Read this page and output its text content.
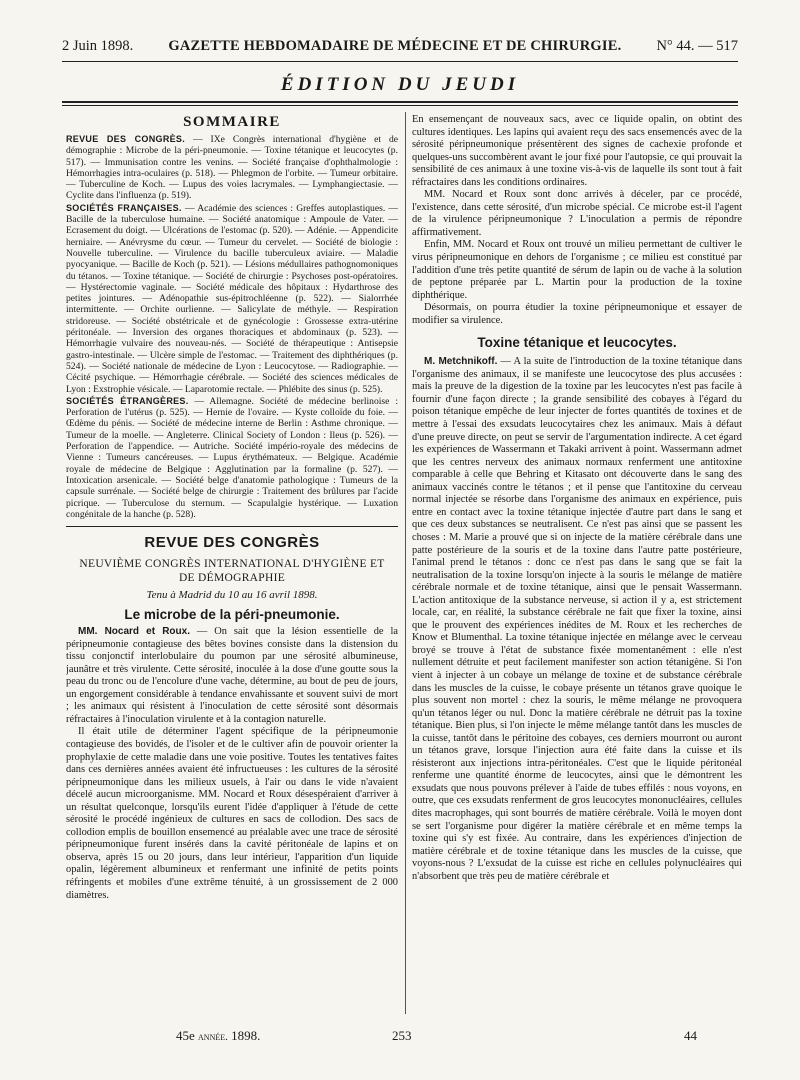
2 Juin 1898. GAZETTE HEBDOMADAIRE DE MÉDECINE ET DE CHIRURGIE. N° 44. — 517
ÉDITION DU JEUDI
SOMMAIRE
REVUE DES CONGRÈS. — IXe Congrès international d'hygiène et de démographie : Microbe de la péri-pneumonie. — Toxine tétanique et leucocytes (p. 517). — Immunisation contre les venins. — Société française d'ophthalmologie : Hémorrhagies intra-oculaires (p. 518). — Phlegmon de l'orbite. — Tumeur orbitaire. — Tuberculine de Koch. — Lupus des voies lacrymales. — Lymphangiectasie. — Cyclite dans l'influenza (p. 519).
SOCIÉTÉS FRANÇAISES. — Académie des sciences : Greffes autoplastiques. — Bacille de la tuberculose humaine. — Société anatomique : Ampoule de Vater. — Ecrasement du doigt. — Ulcérations de l'estomac (p. 520). — Adénie. — Appendicite herniaire. — Anévrysme du cœur. — Tumeur du cervelet. — Société de biologie : Nouvelle tuberculine. — Virulence du bacille tuberculeux aviaire. — Maladie pyocyanique. — Bacille de Koch (p. 521). — Lésions médullaires pathognomoniques du tétanos. — Toxine tétanique. — Société de chirurgie : Psychoses post-opératoires. — Hystérectomie vaginale. — Société médicale des hôpitaux : Hydarthrose des petites jointures. — Adénopathie sus-épitrochléenne (p. 522). — Sialorrhée intermittente. — Orchite ourlienne. — Salicylate de méthyle. — Respiration stridoreuse. — Société obstétricale et de gynécologie : Grossesse extra-utérine péritonéale. — Inversion des organes thoraciques et abdominaux (p. 523). — Hémorrhagie vulvaire des nouveau-nés. — Société de thérapeutique : Antisepsie gastro-intestinale. — Ulcère simple de l'estomac. — Traitement des diphthériques (p. 524). — Société nationale de médecine de Lyon : Leucocytose. — Radiographie. — Cécité psychique. — Hémorrhagie cérébrale. — Société des sciences médicales de Lyon : Exstrophie vésicale. — Laparotomie rectale. — Phlébite des sinus (p. 525).
SOCIÉTÉS ÉTRANGÈRES. — Allemagne. Société de médecine berlinoise : Perforation de l'utérus (p. 525). — Hernie de l'ovaire. — Kyste colloïde du foie. — Œdème du pénis. — Société de médecine interne de Berlin : Asthme chronique. — Tumeur de la moelle. — Angleterre. Clinical Society of London : Ileus (p. 526). — Perforation de l'appendice. — Autriche. Société império-royale des médecins de Vienne : Tumeurs cancéreuses. — Lupus érythémateux. — Belgique. Académie royale de médecine de Belgique : Agglutination par la formaline (p. 527). — Intoxication arsenicale. — Société belge d'anatomie pathologique : Tumeurs de la capsule surrénale. — Société belge de chirurgie : Traitement des brûlures par l'acide picrique. — Tuberculose du sternum. — Scapulalgie hystérique. — Luxation congénitale de la hanche (p. 528).
REVUE DES CONGRÈS
NEUVIÈME CONGRÈS INTERNATIONAL D'HYGIÈNE ET
DE DÉMOGRAPHIE
Tenu à Madrid du 10 au 16 avril 1898.
Le microbe de la péri-pneumonie.

MM. Nocard et Roux. — On sait que la lésion essentielle de la péripneumonie contagieuse des bêtes bovines consiste dans la distension du tissu conjonctif interlobulaire du poumon par une sérosité albumineuse, jaunâtre et très virulente. Cette sérosité, inoculée à la dose d'une goutte sous la peau du tronc ou de l'encolure d'une vache, détermine, au bout de peu de jours, un engorgement considérable à tendance envahissante et souvent suivi de mort ; les animaux qui résistent à l'inoculation de cette sérosité sont désormais réfractaires à l'inoculation virulente et à la contagion naturelle.

Il était utile de déterminer l'agent spécifique de la péripneumonie contagieuse des bovidés, de l'isoler et de le cultiver afin de pouvoir orienter la prophylaxie de cette maladie dans une voie positive. Toutes les tentatives faites dans ces dernières années avaient été infructueuses : les cultures de la sérosité péripneumonique dans les milieux usuels, à l'air ou dans le vide n'avaient décelé aucun microorganisme. MM. Nocard et Roux désespéraient d'arriver à un résultat quelconque, lorsqu'ils eurent l'idée d'appliquer à l'étude de cette sérosité le procédé ingénieux de cultures en sacs de collodion. Des sacs de collodion emplis de bouillon ensemencé au préalable avec une trace de sérosité péripneumonique furent insérés dans la cavité péritonéale de lapins et on observa, après 15 ou 20 jours, dans leur intérieur, l'apparition d'un liquide opalin, légèrement albumineux et renfermant une infinité de petits points réfringents et mobiles d'une extrême ténuité, à un grossissement de 2 000 diamètres.

En ensemençant de nouveaux sacs, avec ce liquide opalin, on obtint des cultures identiques. Les lapins qui avaient reçu des sacs ensemencés avec de la sérosité péripneumonique présentèrent des signes de cachexie profonde et quelques-uns succombèrent avant le jour fixé pour l'autopsie, ce qui prouvait la sensibilité de ces animaux à une toxine vis-à-vis de laquelle ils sont tout à fait réfractaires dans les conditions ordinaires.

MM. Nocard et Roux sont donc arrivés à déceler, par ce procédé, l'existence, dans cette sérosité, d'un microbe spécial. Ce microbe est-il l'agent de la virulence péripneumonique ? L'inoculation a permis de répondre affirmativement.

Enfin, MM. Nocard et Roux ont trouvé un milieu permettant de cultiver le virus péripneumonique en dehors de l'organisme ; ce milieu est constitué par l'addition d'une très petite quantité de sérum de lapin ou de vache à la solution de peptone préparée par L. Martin pour la production de la toxine diphthérique.

Désormais, on pourra étudier la toxine péripneumonique et essayer de modifier sa virulence.

Toxine tétanique et leucocytes.

M. Metchnikoff. — A la suite de l'introduction de la toxine tétanique dans l'organisme des animaux, il se manifeste une leucocytose des plus accusées : mais la preuve de la digestion de la toxine par les leucocytes n'est pas facile à fournir d'une façon directe ; la grande sensibilité des cobayes à l'égard du poison tétanique empêche de leur injecter de fortes quantités de toxines et de mettre à l'essai des exsudats leucocytaires chez les animaux. Mais à défaut d'une preuve directe, on peut se servir de l'argumentation indirecte. A cet égard les expériences de Wassermann et Takaki arrivent à point. Wassermann admet que les centres nerveux des animaux normaux renferment une antitoxine comparable à celle que Behring et Kitasato ont découverte dans le sang des animaux vaccinés contre le tétanos ; et il pense que l'antitoxine du cerveau normal injectée se résorbe dans l'organisme des animaux en expérience, puis entre en contact avec la toxine tétanique injectée d'autre part dans le sang et que ces deux substances se neutralisent. Ce n'est pas ainsi que se passent les choses : M. Marie a prouvé que si on injecte de la matière cérébrale dans une patte postérieure de la souris et de la toxine dans l'autre patte postérieure, l'animal prend le tétanos : donc ce n'est pas dans le sang que se fait la neutralisation de la toxine lorsqu'on injecte à la souris le mélange de matière cérébrale normale et de toxine tétanique, ainsi que le pensait Wassermann. L'action antitoxique de la substance nerveuse, si action il y a, est strictement locale, car, en réalité, la substance cérébrale ne fait que fixer la toxine, ainsi que le prouvent des expériences inédites de M. Roux et les recherches de Know et Blumenthal. La toxine tétanique injectée en mélange avec le cerveau broyé se trouve à l'état de substance fixée momentanément : elle n'est nullement détruite et peut facilement manifester son action tétanigène. Si l'on vient à injecter à un cobaye un mélange de toxine et de substance cérébrale dans les muscles de la cuisse, le cobaye présente un tétanos grave quoique le plus souvent non mortel : chez la souris, le même mélange ne provoquera qu'un tétanos léger ou nul. Donc la matière cérébrale ne détruit pas la toxine tétanique. Bien plus, si l'on injecte le même mélange tantôt dans les muscles de la cuisse, tantôt dans le péritoine des cobayes, ces derniers mourront ou auront un tétanos grave, lorsque l'injection aura été faite dans la cuisse et ils résisteront aux injections intra-péritonéales. C'est que le liquide péritonéal renferme une quantité énorme de leucocytes, ainsi que le démontrent les exsudats que nous pouvons prélever à l'aide de tubes effilés : nous voyons, en outre, que ces exsudats renferment de gros leucocytes mononucléaires, cellules dites macrophages, qui sont bourrés de matière cérébrale. Voilà le moyen dont se sert l'organisme pour digérer la matière cérébrale et en même temps la toxine qui s'y est fixée. Au contraire, dans les expériences d'injection de matière cérébrale et de toxine tétanique dans les muscles de la cuisse, que voyons-nous ? L'exsudat de la cuisse est riche en cellules polynucléaires qui n'absorbent que très peu de matière cérébrale et

45e année. 1898.	253	44
